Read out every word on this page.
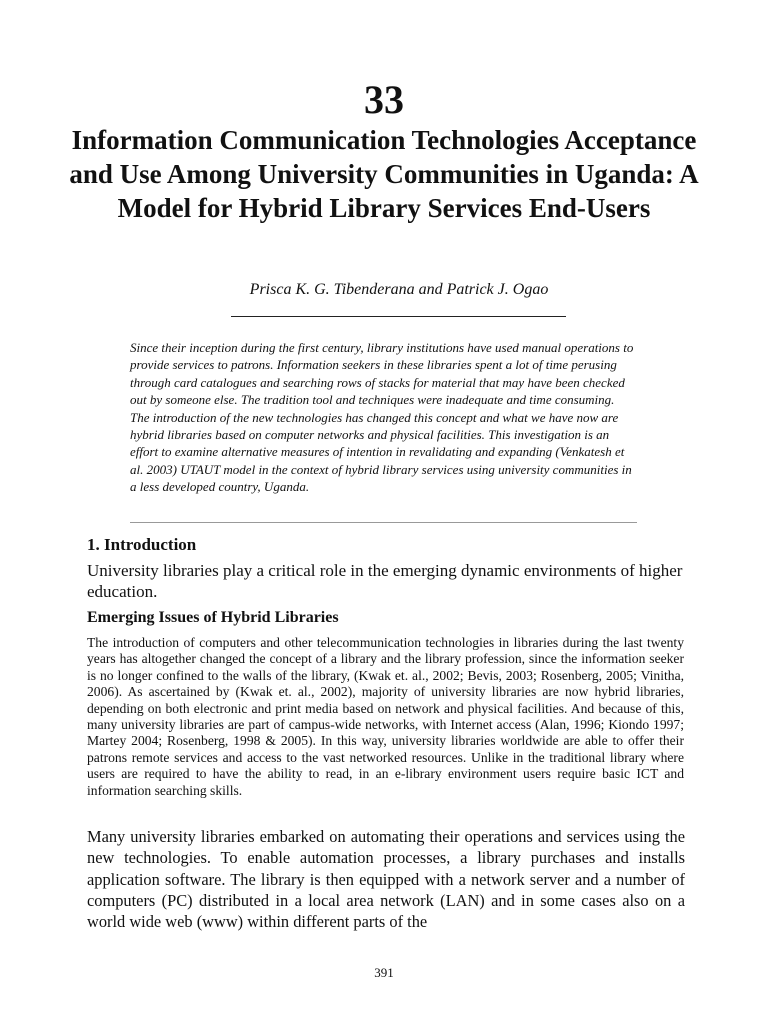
33
Information Communication Technologies Acceptance and Use Among University Communities in Uganda: A Model for Hybrid Library Services End-Users
Prisca K. G. Tibenderana and Patrick J. Ogao
Since their inception during the first century, library institutions have used manual operations to provide services to patrons. Information seekers in these libraries spent a lot of time perusing through card catalogues and searching rows of stacks for material that may have been checked out by someone else. The tradition tool and techniques were inadequate and time consuming. The introduction of the new technologies has changed this concept and what we have now are hybrid libraries based on computer networks and physical facilities. This investigation is an effort to examine alternative measures of intention in revalidating and expanding (Venkatesh et al. 2003) UTAUT model in the context of hybrid library services using university communities in a less developed country, Uganda.
1. Introduction
University libraries play a critical role in the emerging dynamic environments of higher education.
Emerging Issues of Hybrid Libraries
The introduction of computers and other telecommunication technologies in libraries during the last twenty years has altogether changed the concept of a library and the library profession, since the information seeker is no longer confined to the walls of the library, (Kwak et. al., 2002; Bevis, 2003; Rosenberg, 2005; Vinitha, 2006). As ascertained by (Kwak et. al., 2002), majority of university libraries are now hybrid libraries, depending on both electronic and print media based on network and physical facilities. And because of this, many university libraries are part of campus-wide networks, with Internet access (Alan, 1996; Kiondo 1997; Martey 2004; Rosenberg, 1998 & 2005). In this way, university libraries worldwide are able to offer their patrons remote services and access to the vast networked resources. Unlike in the traditional library where users are required to have the ability to read, in an e-library environment users require basic ICT and information searching skills.
Many university libraries embarked on automating their operations and services using the new technologies. To enable automation processes, a library purchases and installs application software. The library is then equipped with a network server and a number of computers (PC) distributed in a local area network (LAN) and in some cases also on a world wide web (www) within different parts of the
391
